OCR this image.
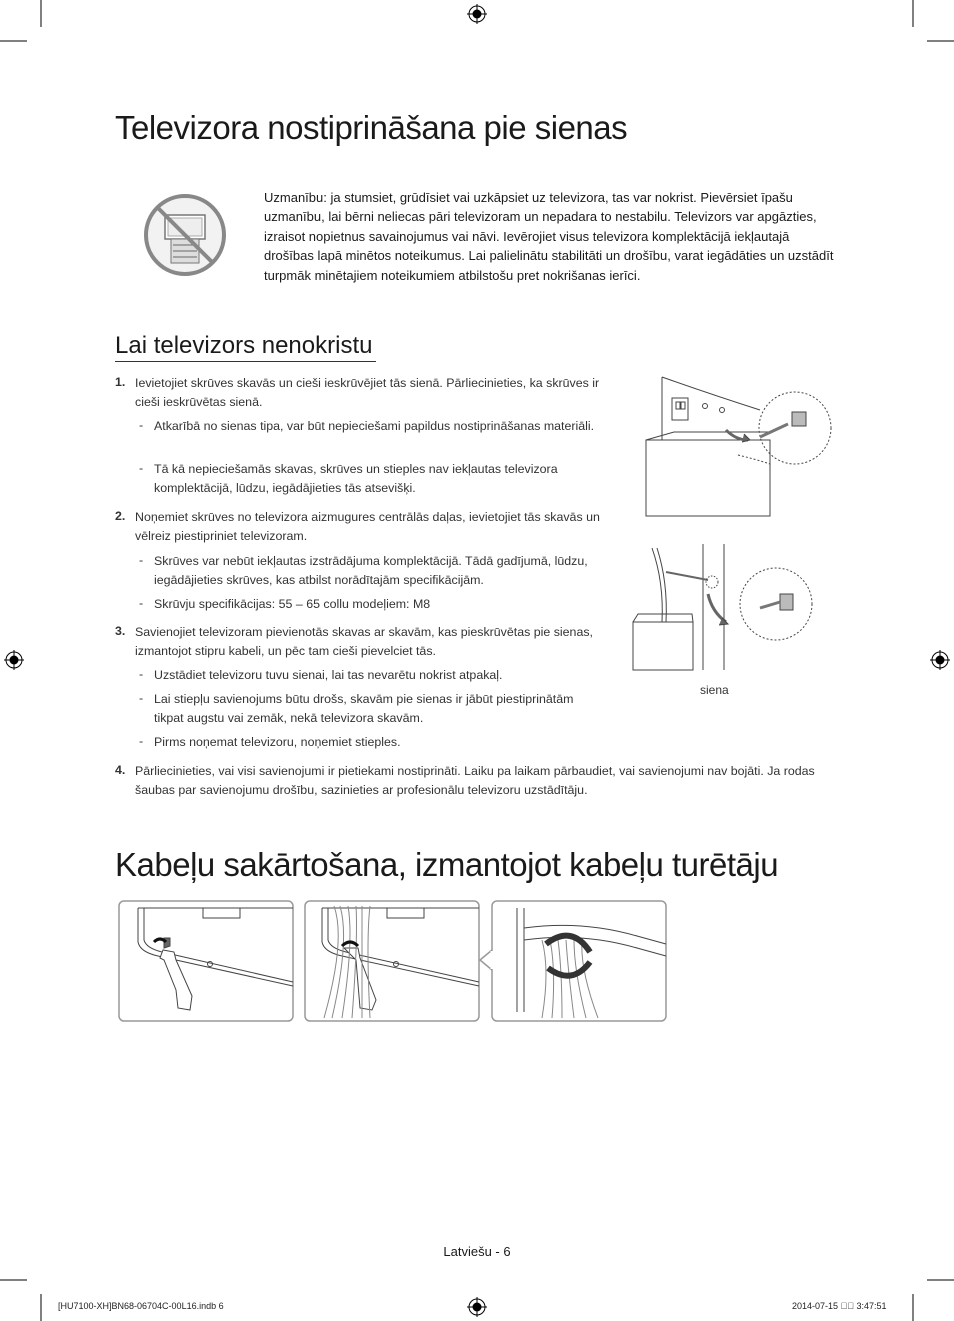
Televizora nostiprināšana pie sienas
Uzmanību: ja stumsiet, grūdīsiet vai uzkāpsiet uz televizora, tas var nokrist. Pievērsiet īpašu uzmanību, lai bērni neliecas pāri televizoram un nepadara to nestabilu. Televizors var apgāzties, izraisot nopietnus savainojumus vai nāvi. Ievērojiet visus televizora komplektācijā iekļautajā drošības lapā minētos noteikumus. Lai palielinātu stabilitāti un drošību, varat iegādāties un uzstādīt turpmāk minētajiem noteikumiem atbilstošu pret nokrišanas ierīci.
Lai televizors nenokristu
1. Ievietojiet skrūves skavās un cieši ieskrūvējiet tās sienā. Pārliecinieties, ka skrūves ir cieši ieskrūvētas sienā.
- Atkarībā no sienas tipa, var būt nepieciešami papildus nostiprināšanas materiāli.
- Tā kā nepieciešamās skavas, skrūves un stieples nav iekļautas televizora komplektācijā, lūdzu, iegādājieties tās atsevišķi.
2. Noņemiet skrūves no televizora aizmugures centrālās daļas, ievietojiet tās skavās un vēlreiz piestipriniet televizoram.
- Skrūves var nebūt iekļautas izstrādājuma komplektācijā. Tādā gadījumā, lūdzu, iegādājieties skrūves, kas atbilst norādītajām specifikācijām.
- Skrūvju specifikācijas: 55 – 65 collu modeļiem: M8
3. Savienojiet televizoram pievienotās skavas ar skavām, kas pieskrūvētas pie sienas, izmantojot stipru kabeli, un pēc tam cieši pievelciet tās.
- Uzstādiet televizoru tuvu sienai, lai tas nevarētu nokrist atpakaļ.
- Lai stiepļu savienojums būtu drošs, skavām pie sienas ir jābūt piestiprinātām tikpat augstu vai zemāk, nekā televizora skavām.
- Pirms noņemat televizoru, noņemiet stieples.
4. Pārliecinieties, vai visi savienojumi ir pietiekami nostiprināti. Laiku pa laikam pārbaudiet, vai savienojumi nav bojāti. Ja rodas šaubas par savienojumu drošību, sazinieties ar profesionālu televizoru uzstādītāju.
siena
Kabeļu sakārtošana, izmantojot kabeļu turētāju
Latviešu - 6
[HU7100-XH]BN68-06704C-00L16.indb 6	2014-07-15    3:47:51
